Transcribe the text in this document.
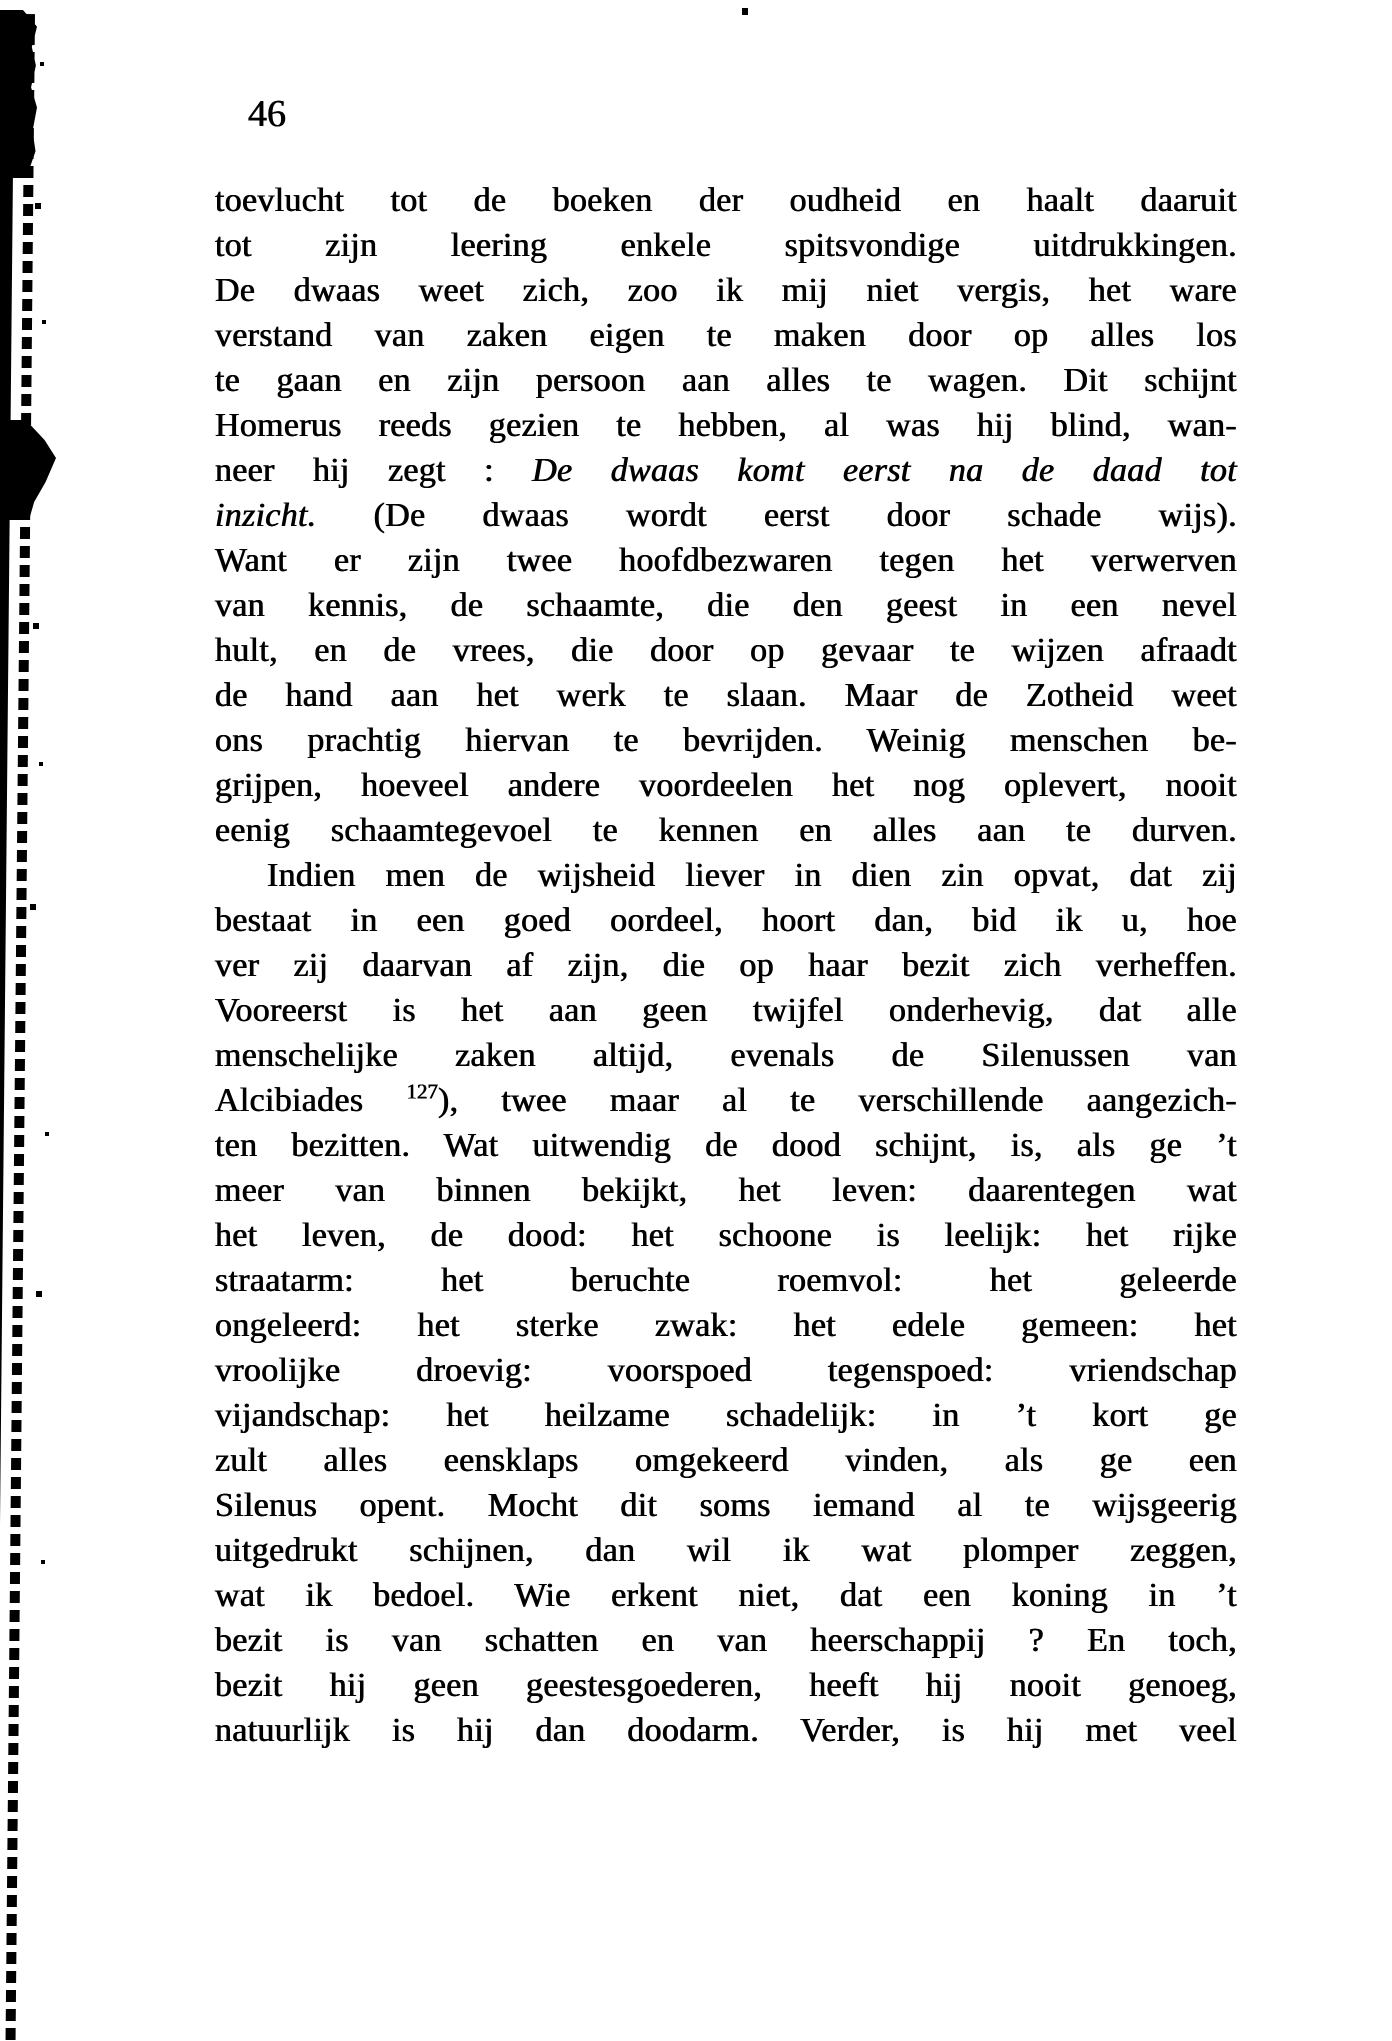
46
toevlucht tot de boeken der oudheid en haalt daaruit
tot zijn leering enkele spitsvondige uitdrukkingen.
De dwaas weet zich, zoo ik mij niet vergis, het ware
verstand van zaken eigen te maken door op alles los
te gaan en zijn persoon aan alles te wagen. Dit schijnt
Homerus reeds gezien te hebben, al was hij blind, wan-
neer hij zegt : De dwaas komt eerst na de daad tot
inzicht. (De dwaas wordt eerst door schade wijs).
Want er zijn twee hoofdbezwaren tegen het verwerven
van kennis, de schaamte, die den geest in een nevel
hult, en de vrees, die door op gevaar te wijzen afraadt
de hand aan het werk te slaan. Maar de Zotheid weet
ons prachtig hiervan te bevrijden. Weinig menschen be-
grijpen, hoeveel andere voordeelen het nog oplevert, nooit
eenig schaamtegevoel te kennen en alles aan te durven.
Indien men de wijsheid liever in dien zin opvat, dat zij
bestaat in een goed oordeel, hoort dan, bid ik u, hoe
ver zij daarvan af zijn, die op haar bezit zich verheffen.
Vooreerst is het aan geen twijfel onderhevig, dat alle
menschelijke zaken altijd, evenals de Silenussen van
Alcibiades $^{127}$), twee maar al te verschillende aangezich-
ten bezitten. Wat uitwendig de dood schijnt, is, als ge ’t
meer van binnen bekijkt, het leven: daarentegen wat
het leven, de dood: het schoone is leelijk: het rijke
straatarm: het beruchte roemvol: het geleerde
ongeleerd: het sterke zwak: het edele gemeen: het
vroolijke droevig: voorspoed tegenspoed: vriendschap
vijandschap: het heilzame schadelijk: in ’t kort ge
zult alles eensklaps omgekeerd vinden, als ge een
Silenus opent. Mocht dit soms iemand al te wijsgeerig
uitgedrukt schijnen, dan wil ik wat plomper zeggen,
wat ik bedoel. Wie erkent niet, dat een koning in ’t
bezit is van schatten en van heerschappij ? En toch,
bezit hij geen geestesgoederen, heeft hij nooit genoeg,
natuurlijk is hij dan doodarm. Verder, is hij met veel
